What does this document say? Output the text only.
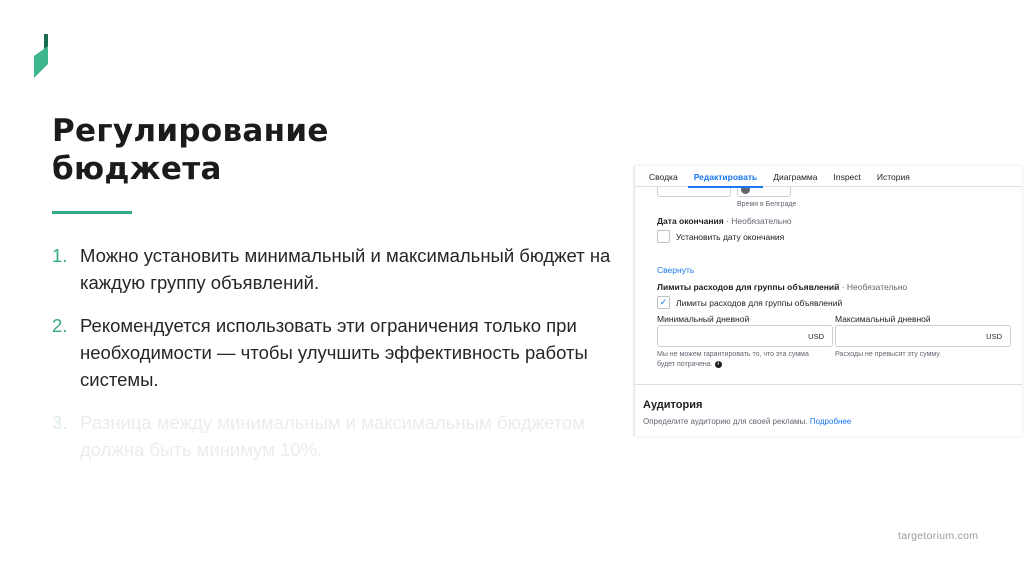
Регулирование
бюджета
1. Можно установить минимальный и максимальный бюджет на каждую группу объявлений.
2. Рекомендуется использовать эти ограничения только при необходимости — чтобы улучшить эффективность работы системы.
3. Разница между минимальным и максимальным бюджетом должна быть минимум 10%.
Время в Белграде
Сводка	Редактировать	Диаграмма	Inspect	История
Дата окончания · Необязательно
Установить дату окончания
Свернуть
Лимиты расходов для группы объявлений · Необязательно
✓	Лимиты расходов для группы объявлений
Минимальный дневной
USD
Мы не можем гарантировать то, что эта сумма
будет потрачена. i
Максимальный дневной
USD
Расходы не превысят эту сумму.
Аудитория
Определите аудиторию для своей рекламы. Подробнее
targetorium.com
